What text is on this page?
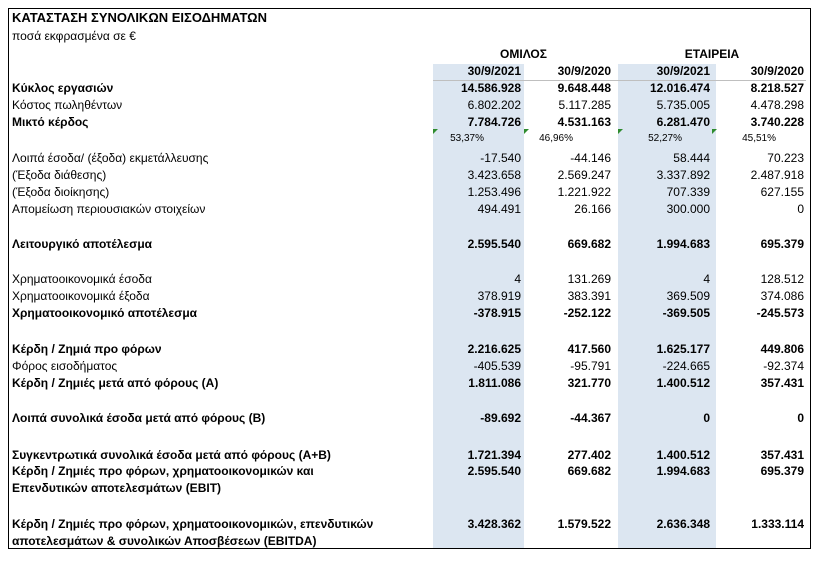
ΚΑΤΑΣΤΑΣΗ ΣΥΝΟΛΙΚΩΝ ΕΙΣΟΔΗΜΑΤΩΝ
ποσά εκφρασμένα σε €
ΟΜΙΛΟΣ	ΕΤΑΙΡΕΙΑ
30/9/2021	30/9/2020	30/9/2021	30/9/2020
Κύκλος εργασιών	14.586.928	9.648.448	12.016.474	8.218.527
Κόστος πωληθέντων	6.802.202	5.117.285	5.735.005	4.478.298
Μικτό κέρδος	7.784.726	4.531.163	6.281.470	3.740.228
53,37%	46,96%	52,27%	45,51%
Λοιπά έσοδα/ (έξοδα) εκμετάλλευσης	-17.540	-44.146	58.444	70.223
(Έξοδα διάθεσης)	3.423.658	2.569.247	3.337.892	2.487.918
(Έξοδα διοίκησης)	1.253.496	1.221.922	707.339	627.155
Απομείωση περιουσιακών στοιχείων	494.491	26.166	300.000	0
Λειτουργικό αποτέλεσμα	2.595.540	669.682	1.994.683	695.379
Χρηματοοικονομικά έσοδα	4	131.269	4	128.512
Χρηματοοικονομικά έξοδα	378.919	383.391	369.509	374.086
Χρηματοοικονομικό αποτέλεσμα	-378.915	-252.122	-369.505	-245.573
Κέρδη / Ζημιά προ φόρων	2.216.625	417.560	1.625.177	449.806
Φόρος εισοδήματος	-405.539	-95.791	-224.665	-92.374
Κέρδη / Ζημιές μετά από φόρους (Α)	1.811.086	321.770	1.400.512	357.431
Λοιπά συνολικά έσοδα μετά από φόρους (Β)	-89.692	-44.367	0	0
Συγκεντρωτικά συνολικά έσοδα μετά από φόρους (Α+Β)	1.721.394	277.402	1.400.512	357.431
Κέρδη / Ζημιές προ φόρων, χρηματοοικονομικών και
Επενδυτικών αποτελεσμάτων (EBIT)
2.595.540	669.682	1.994.683	695.379
Κέρδη / Ζημιές προ φόρων, χρηματοοικονομικών, επενδυτικών
αποτελεσμάτων & συνολικών Αποσβέσεων (EBITDA)
3.428.362	1.579.522	2.636.348	1.333.114
